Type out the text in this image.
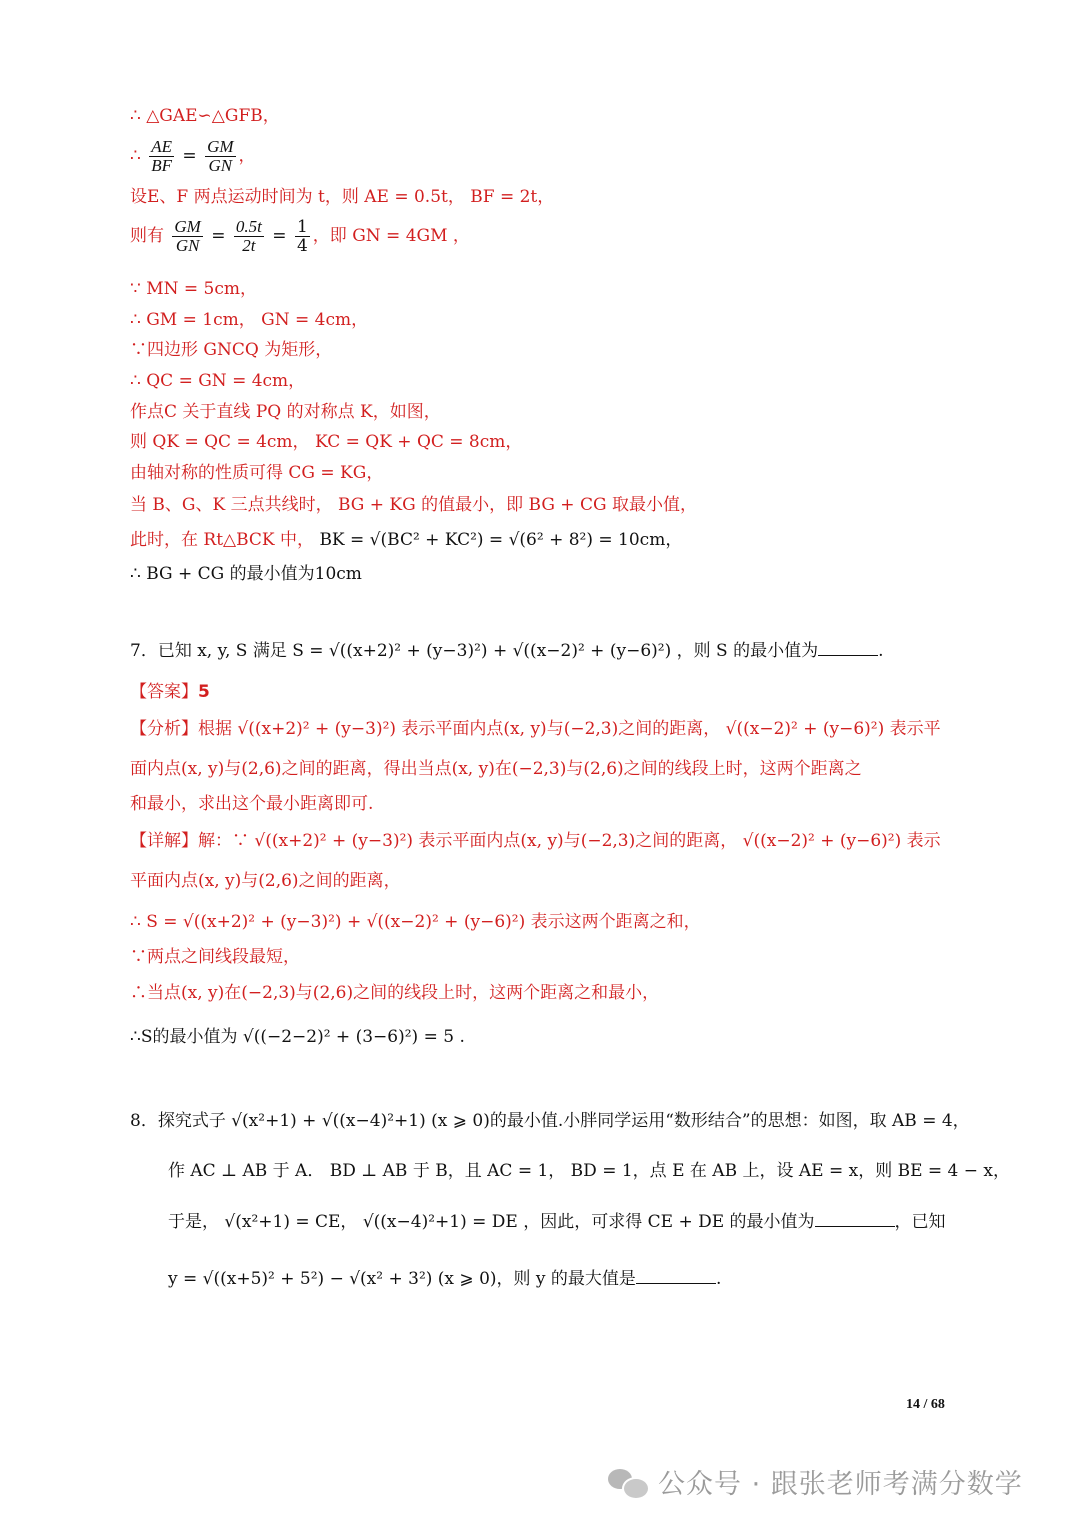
∴ △GAE∽△GFB，
∴ $\frac{AE}{BF} = \frac{GM}{GN}$ ，
设E、F 两点运动时间为 t，则 AE = 0.5t， BF = 2t，
则有 $\frac{GM}{GN} = \frac{0.5t}{2t} = \frac{1}{4}$ ，即 GN = 4GM ，
∵ MN = 5cm，
∴ GM = 1cm， GN = 4cm，
∵四边形 GNCQ 为矩形，
∴ QC = GN = 4cm，
作点C 关于直线 PQ 的对称点 K，如图，
则 QK = QC = 4cm， KC = QK + QC = 8cm，
由轴对称的性质可得 CG = KG，
当 B、G、K 三点共线时， BG + KG 的值最小，即 BG + CG 取最小值，
此时，在 Rt△BCK 中， BK = √(BC² + KC²) = √(6² + 8²) = 10cm，
∴ BG + CG 的最小值为10cm
7．已知 x, y, S 满足 S = √((x+2)² + (y−3)²) + √((x−2)² + (y−6)²) ，则 S 的最小值为	.
【答案】5
【分析】根据 √((x+2)² + (y−3)²) 表示平面内点(x, y)与(−2,3)之间的距离， √((x−2)² + (y−6)²) 表示平
面内点(x, y)与(2,6)之间的距离，得出当点(x, y)在(−2,3)与(2,6)之间的线段上时，这两个距离之
和最小，求出这个最小距离即可.
【详解】解：∵ √((x+2)² + (y−3)²) 表示平面内点(x, y)与(−2,3)之间的距离， √((x−2)² + (y−6)²) 表示
平面内点(x, y)与(2,6)之间的距离，
∴ S = √((x+2)² + (y−3)²) + √((x−2)² + (y−6)²) 表示这两个距离之和，
∵两点之间线段最短，
∴当点(x, y)在(−2,3)与(2,6)之间的线段上时，这两个距离之和最小，
∴S的最小值为 √((−2−2)² + (3−6)²) = 5 .
8．探究式子 √(x²+1) + √((x−4)²+1) (x ⩾ 0)的最小值.小胖同学运用“数形结合”的思想：如图，取 AB = 4，
作 AC ⊥ AB 于 A． BD ⊥ AB 于 B，且 AC = 1， BD = 1，点 E 在 AB 上，设 AE = x，则 BE = 4 − x，
于是， √(x²+1) = CE， √((x−4)²+1) = DE ，因此，可求得 CE + DE 的最小值为	，已知
y = √((x+5)² + 5²) − √(x² + 3²) (x ⩾ 0)，则 y 的最大值是	.
14 / 68
公众号 · 跟张老师考满分数学
